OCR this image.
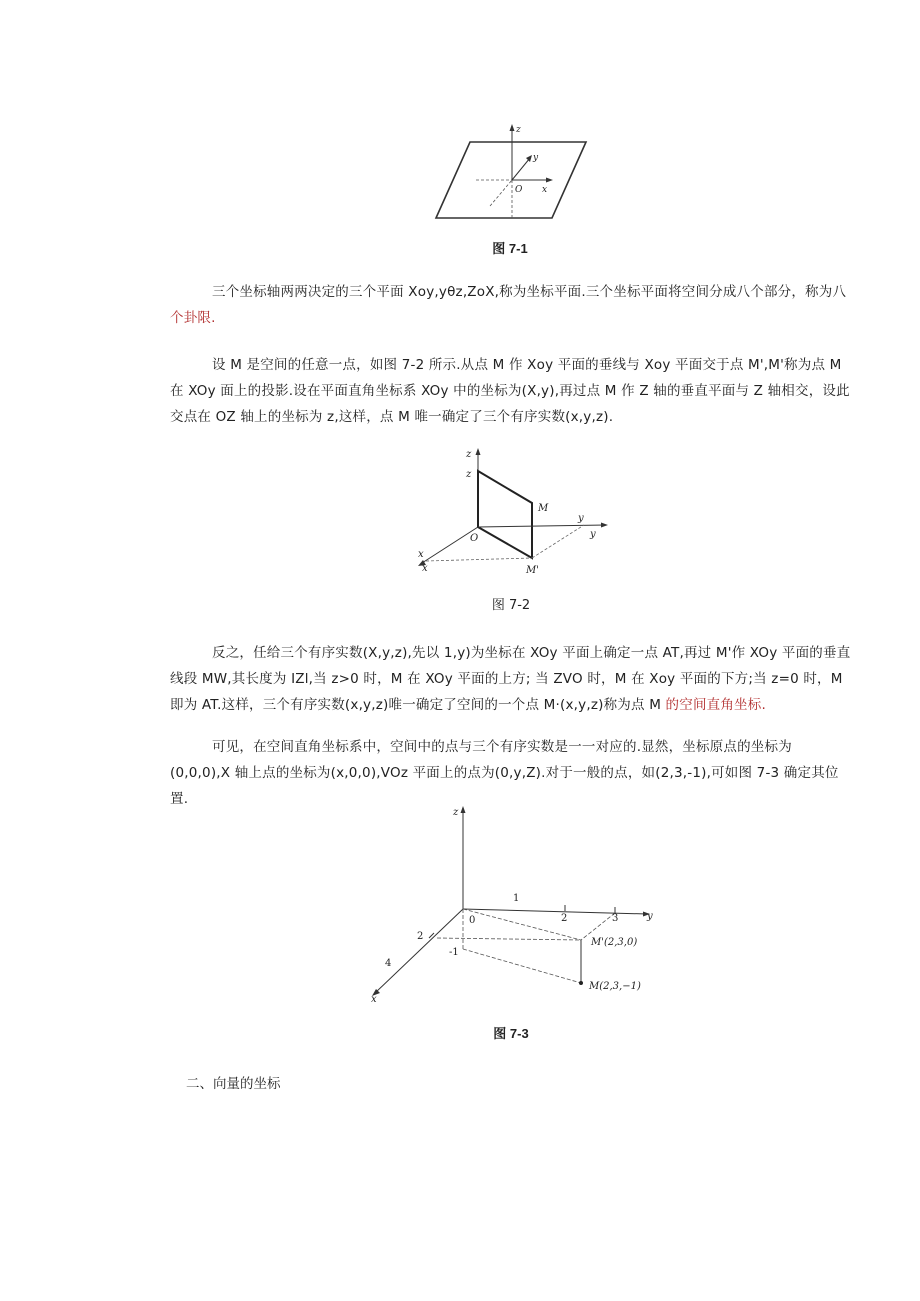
z
y
x
O
图 7-1
三个坐标轴两两决定的三个平面 Xoy,yθz,ZoX,称为坐标平面.三个坐标平面将空间分成八个部分，称为八个卦限.
设 M 是空间的任意一点，如图 7-2 所示.从点 M 作 Xoy 平面的垂线与 Xoy 平面交于点 M',M'称为点 M 在 XOy 面上的投影.设在平面直角坐标系 XOy 中的坐标为(X,y),再过点 M 作 Z 轴的垂直平面与 Z 轴相交，设此交点在 OZ 轴上的坐标为 z,这样，点 M 唯一确定了三个有序实数(x,y,z).
z
z
M
y
y
O
x
x	M'
图 7-2
反之，任给三个有序实数(X,y,z),先以 1,y)为坐标在 XOy 平面上确定一点 AT,再过 M'作 XOy 平面的垂直线段 MW,其长度为 IZl,当 z>0 时，M 在 XOy 平面的上方; 当 ZVO 时，M 在 Xoy 平面的下方;当 z=0 时，M 即为 AT.这样，三个有序实数(x,y,z)唯一确定了空间的一个点 M·(x,y,z)称为点 M 的空间直角坐标.
可见，在空间直角坐标系中，空间中的点与三个有序实数是一一对应的.显然，坐标原点的坐标为(0,0,0),X 轴上点的坐标为(x,0,0),VOz 平面上的点为(0,y,Z).对于一般的点，如(2,3,-1),可如图 7-3 确定其位置.
z
y
x
0
1
2	3
2
4
-1
M'(2,3,0)
M(2,3,−1)
图 7-3
二、向量的坐标
